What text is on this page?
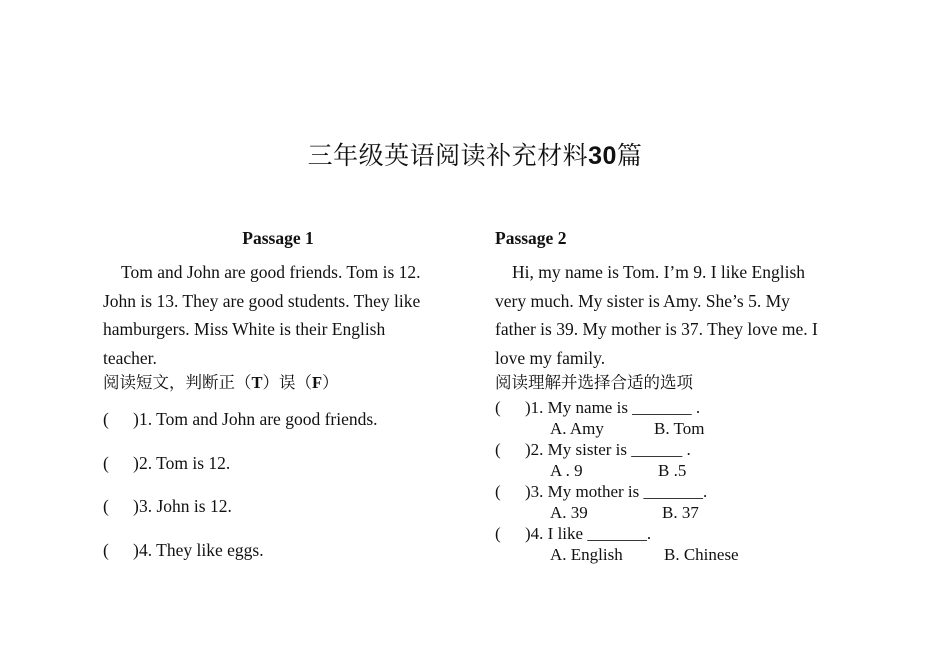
三年级英语阅读补充材料30篇
Passage 1
Tom and John are good friends. Tom is 12.
John is 13. They are good students. They like
hamburgers. Miss White is their English
teacher.
阅读短文，判断正（T）误（F）
( )1. Tom and John are good friends.
( )2. Tom is 12.
( )3. John is 12.
( )4. They like eggs.
Passage 2
Hi, my name is Tom. I’m 9. I like English
very much. My sister is Amy. She’s 5. My
father is 39. My mother is 37. They love me. I
love my family.
阅读理解并选择合适的选项
( )1. My name is _______ .
A. Amy	B. Tom
( )2. My sister is ______ .
A . 9	B .5
( )3. My mother is _______.
A. 39	B. 37
( )4. I like _______.
A. English B. Chinese
